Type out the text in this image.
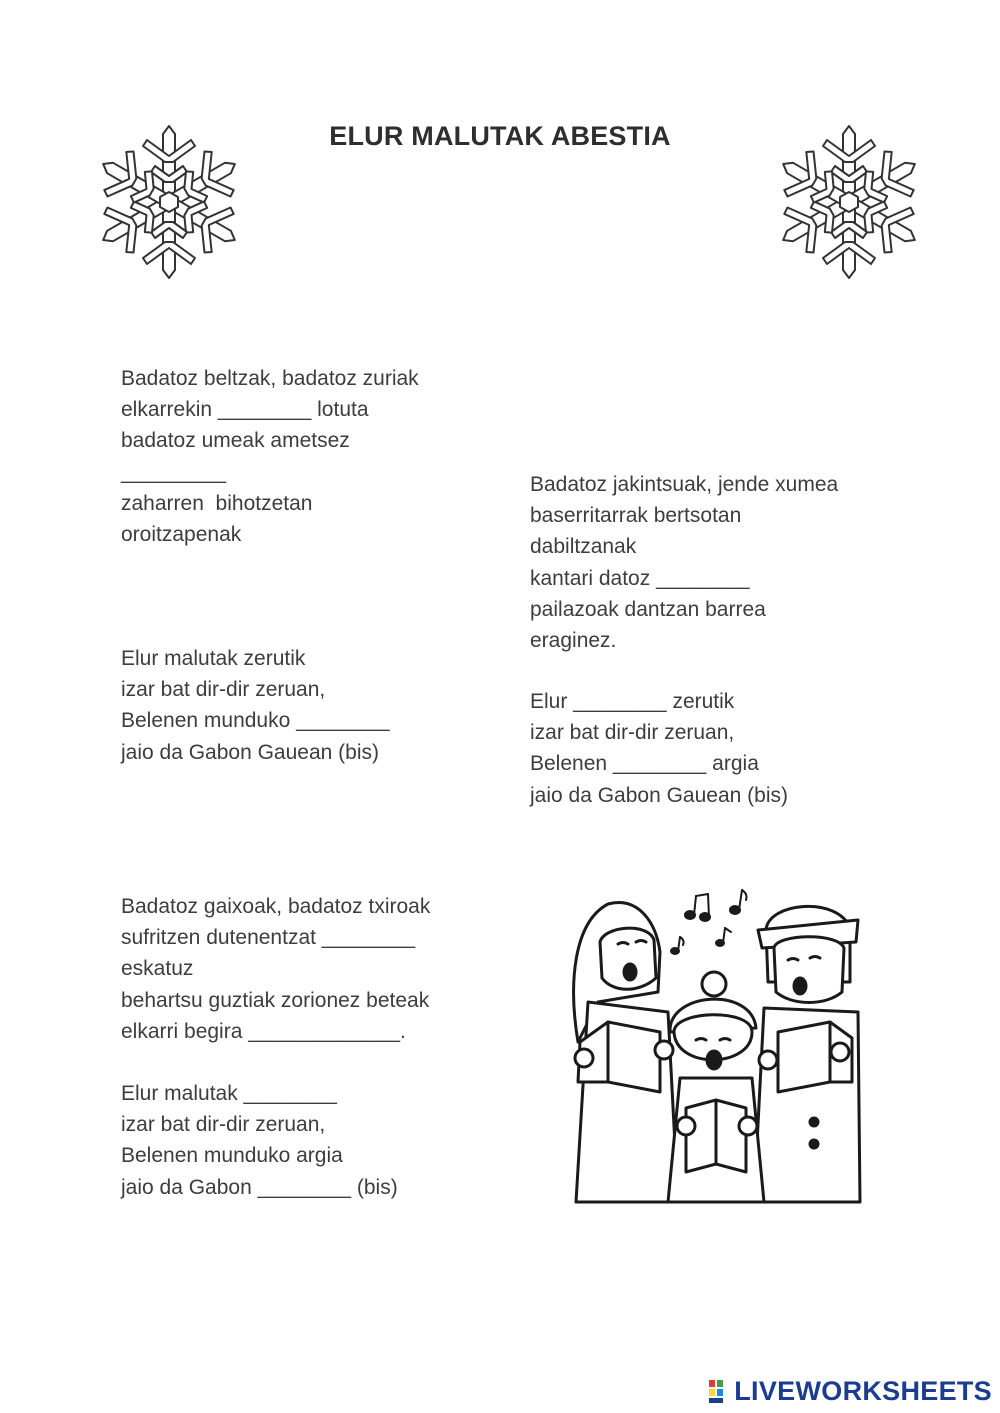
ELUR MALUTAK ABESTIA
Badatoz beltzak, badatoz zuriak
elkarrekin ________ lotuta
badatoz umeak ametsez
_________
zaharren  bihotzetan
oroitzapenak
Badatoz jakintsuak, jende xumea
baserritarrak bertsotan
dabiltzanak
kantari datoz ________
pailazoak dantzan barrea
eraginez.
Elur malutak zerutik
izar bat dir-dir zeruan,
Belenen munduko ________
jaio da Gabon Gauean (bis)
Elur ________ zerutik
izar bat dir-dir zeruan,
Belenen ________ argia
jaio da Gabon Gauean (bis)
Badatoz gaixoak, badatoz txiroak
sufritzen dutenentzat ________
eskatuz
behartsu guztiak zorionez beteak
elkarri begira _____________.
Elur malutak ________
izar bat dir-dir zeruan,
Belenen munduko argia
jaio da Gabon ________ (bis)
LIVEWORKSHEETS
